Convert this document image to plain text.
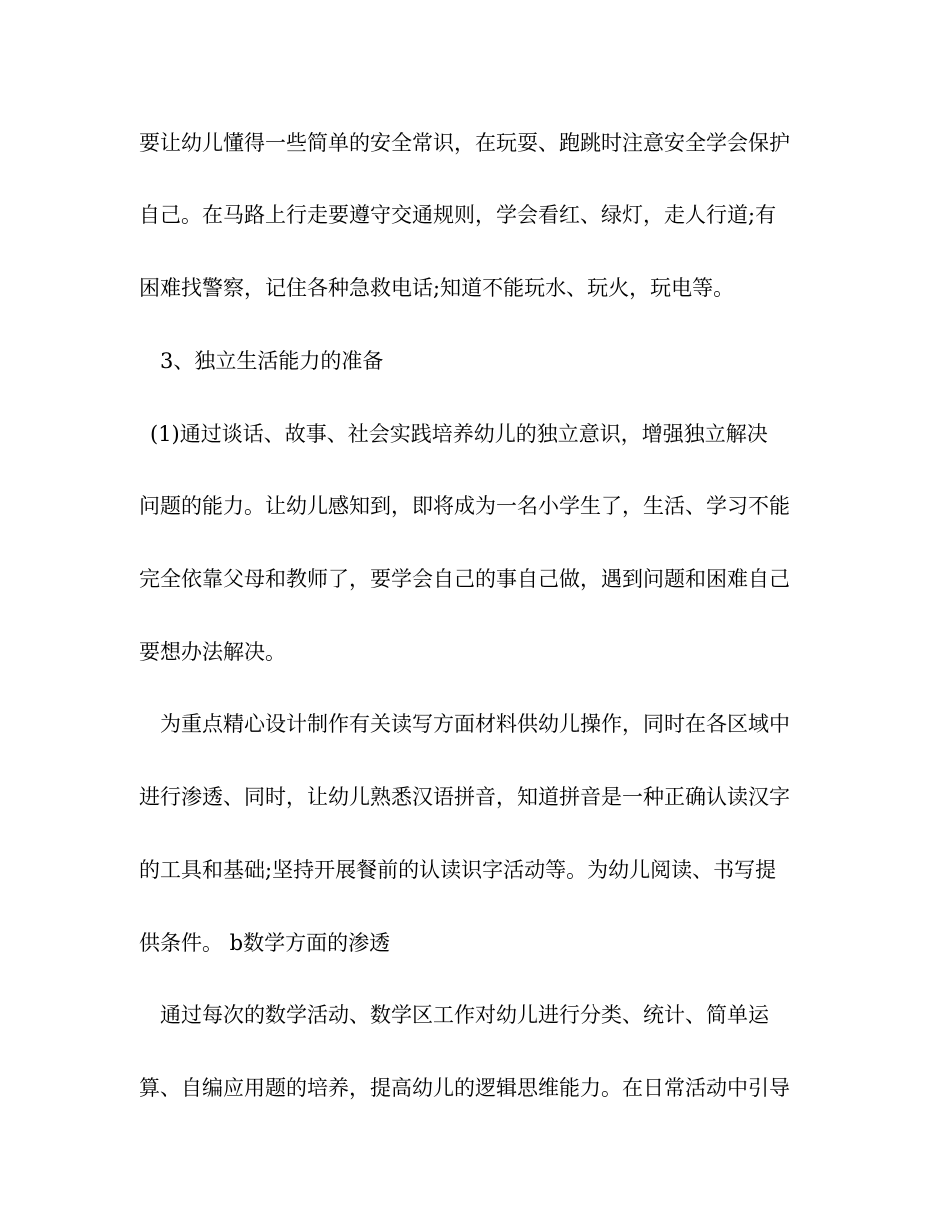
要让幼儿懂得一些简单的安全常识，在玩耍、跑跳时注意安全学会保护
自己。在马路上行走要遵守交通规则，学会看红、绿灯，走人行道;有
困难找警察，记住各种急救电话;知道不能玩水、玩火，玩电等。
3、独立生活能力的准备
(1)通过谈话、故事、社会实践培养幼儿的独立意识，增强独立解决
问题的能力。让幼儿感知到，即将成为一名小学生了，生活、学习不能
完全依靠父母和教师了，要学会自己的事自己做，遇到问题和困难自己
要想办法解决。
为重点精心设计制作有关读写方面材料供幼儿操作，同时在各区域中
进行渗透、同时，让幼儿熟悉汉语拼音，知道拼音是一种正确认读汉字
的工具和基础;坚持开展餐前的认读识字活动等。为幼儿阅读、书写提
供条件。 b数学方面的渗透
通过每次的数学活动、数学区工作对幼儿进行分类、统计、简单运
算、自编应用题的培养，提高幼儿的逻辑思维能力。在日常活动中引导
